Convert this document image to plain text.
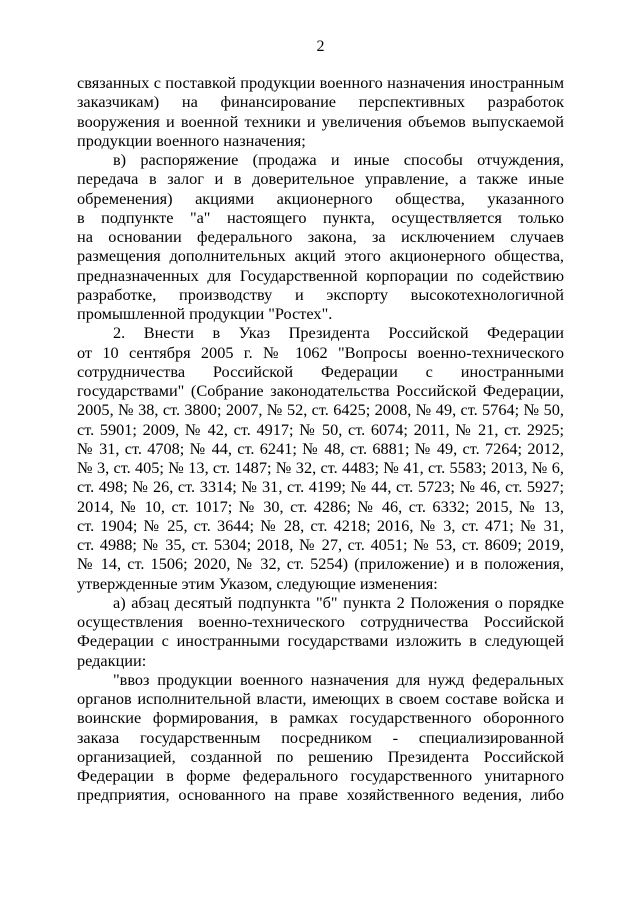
2
связанных с поставкой продукции военного назначения иностранным
заказчикам) на финансирование перспективных разработок
вооружения и военной техники и увеличения объемов выпускаемой
продукции военного назначения;
в) распоряжение (продажа и иные способы отчуждения,
передача в залог и в доверительное управление, а также иные
обременения) акциями акционерного общества, указанного
в подпункте "а" настоящего пункта, осуществляется только
на основании федерального закона, за исключением случаев
размещения дополнительных акций этого акционерного общества,
предназначенных для Государственной корпорации по содействию
разработке, производству и экспорту высокотехнологичной
промышленной продукции "Ростех".
2. Внести в Указ Президента Российской Федерации
от 10 сентября 2005 г. № 1062 "Вопросы военно-технического
сотрудничества Российской Федерации с иностранными
государствами" (Собрание законодательства Российской Федерации,
2005, № 38, ст. 3800; 2007, № 52, ст. 6425; 2008, № 49, ст. 5764; № 50,
ст. 5901; 2009, № 42, ст. 4917; № 50, ст. 6074; 2011, № 21, ст. 2925;
№ 31, ст. 4708; № 44, ст. 6241; № 48, ст. 6881; № 49, ст. 7264; 2012,
№ 3, ст. 405; № 13, ст. 1487; № 32, ст. 4483; № 41, ст. 5583; 2013, № 6,
ст. 498; № 26, ст. 3314; № 31, ст. 4199; № 44, ст. 5723; № 46, ст. 5927;
2014, № 10, ст. 1017; № 30, ст. 4286; № 46, ст. 6332; 2015, № 13,
ст. 1904; № 25, ст. 3644; № 28, ст. 4218; 2016, № 3, ст. 471; № 31,
ст. 4988; № 35, ст. 5304; 2018, № 27, ст. 4051; № 53, ст. 8609; 2019,
№ 14, ст. 1506; 2020, № 32, ст. 5254) (приложение) и в положения,
утвержденные этим Указом, следующие изменения:
а) абзац десятый подпункта "б" пункта 2 Положения о порядке
осуществления военно-технического сотрудничества Российской
Федерации с иностранными государствами изложить в следующей
редакции:
"ввоз продукции военного назначения для нужд федеральных
органов исполнительной власти, имеющих в своем составе войска и
воинские формирования, в рамках государственного оборонного
заказа государственным посредником - специализированной
организацией, созданной по решению Президента Российской
Федерации в форме федерального государственного унитарного
предприятия, основанного на праве хозяйственного ведения, либо
